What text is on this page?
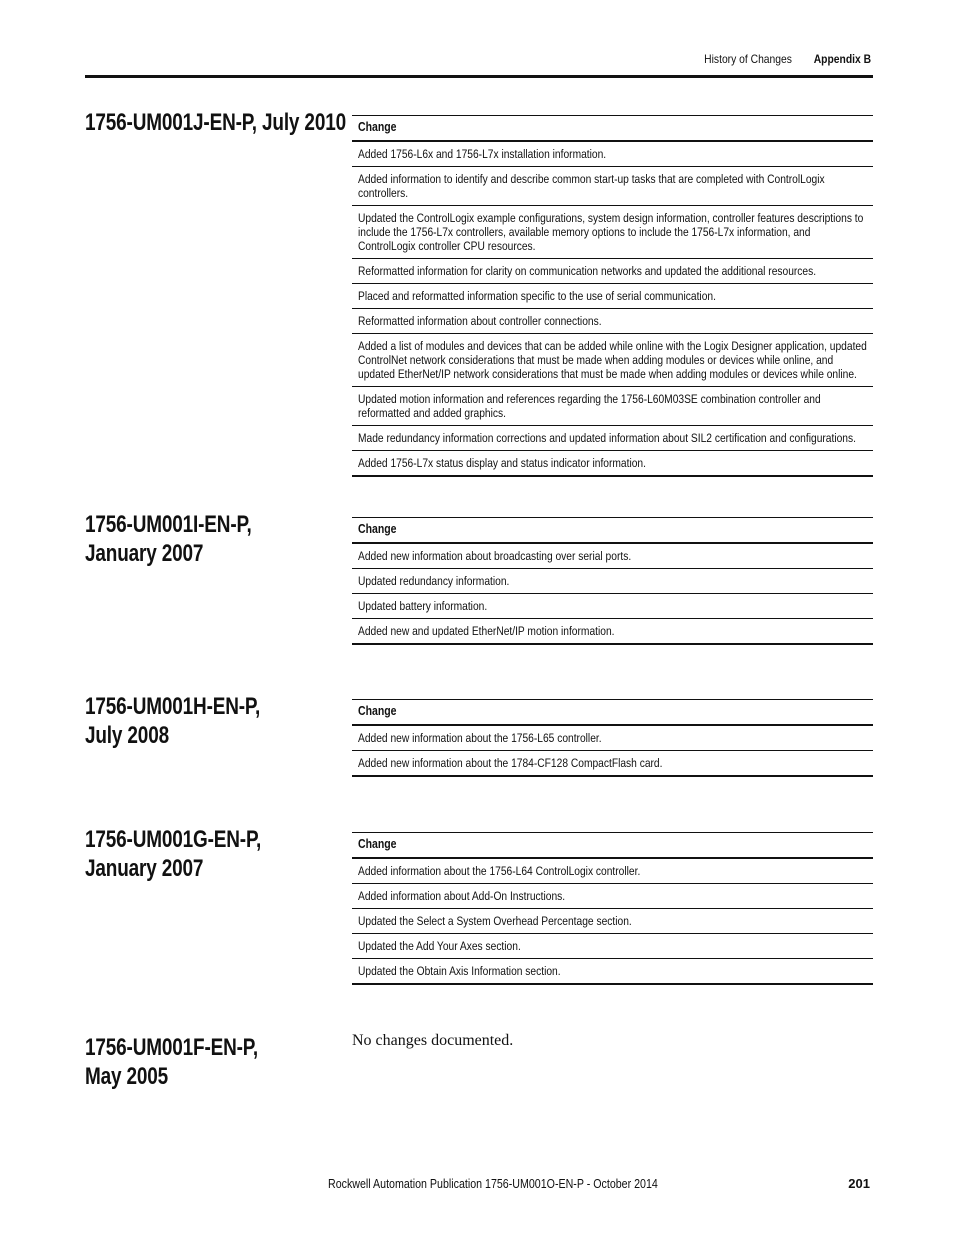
History of Changes Appendix B
1756-UM001J-EN-P, July 2010 Change

Added 1756-L6x and 1756-L7x installation information.

Added information to identify and describe common start-up tasks that are completed with ControlLogix controllers.

Updated the ControlLogix example configurations, system design information, controller features descriptions to include the 1756-L7x controllers, available memory options to include the 1756-L7x information, and ControlLogix controller CPU resources.

Reformatted information for clarity on communication networks and updated the additional resources.

Placed and reformatted information specific to the use of serial communication.

Reformatted information about controller connections.

Added a list of modules and devices that can be added while online with the Logix Designer application, updated ControlNet network considerations that must be made when adding modules or devices while online, and updated EtherNet/IP network considerations that must be made when adding modules or devices while online.

Updated motion information and references regarding the 1756-L60M03SE combination controller and reformatted and added graphics.

Made redundancy information corrections and updated information about SIL2 certification and configurations.

Added 1756-L7x status display and status indicator information.
1756-UM001I-EN-P,
January 2007
Change

Added new information about broadcasting over serial ports.

Updated redundancy information.

Updated battery information.

Added new and updated EtherNet/IP motion information.
1756-UM001H-EN-P,
July 2008
Change

Added new information about the 1756-L65 controller.

Added new information about the 1784-CF128 CompactFlash card.
1756-UM001G-EN-P,
January 2007
Change

Added information about the 1756-L64 ControlLogix controller.

Added information about Add-On Instructions.

Updated the Select a System Overhead Percentage section.

Updated the Add Your Axes section.

Updated the Obtain Axis Information section.
1756-UM001F-EN-P,
May 2005
No changes documented.
Rockwell Automation Publication 1756-UM001O-EN-P - October 2014	201
